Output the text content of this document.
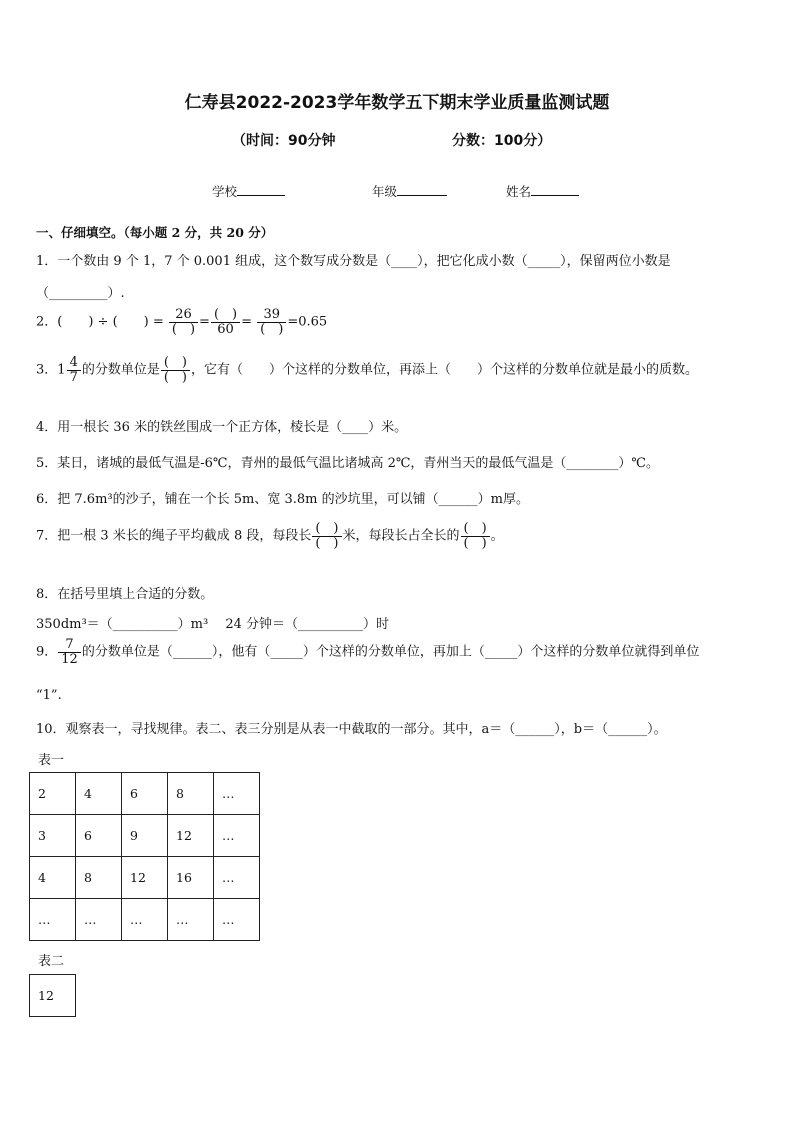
仁寿县2022-2023学年数学五下期末学业质量监测试题
（时间：90分钟	分数：100分）
学校	年级	姓名
一、仔细填空。（每小题 2 分，共 20 分）
1．一个数由 9 个 1，7 个 0.001 组成，这个数写成分数是（____），把它化成小数（_____），保留两位小数是
（_________）.
2．(　　) ÷ (　　) = $\frac{26}{( )} = \frac{( )}{60} = \frac{39}{( )} =0.65$
3．$1 \frac{4}{7}$ 的分数单位是 $\frac{( )}{( )}$ ，它有（　　）个这样的分数单位，再添上（　　）个这样的分数单位就是最小的质数。
4．用一根长 36 米的铁丝围成一个正方体，棱长是（____）米。
5．某日，诸城的最低气温是-6℃，青州的最低气温比诸城高 2℃，青州当天的最低气温是（________）℃。
6．把 7.6m³的沙子，铺在一个长 5m、宽 3.8m 的沙坑里，可以铺（______）m厚。
7．把一根 3 米长的绳子平均截成 8 段，每段长 $\frac{( )}{( )}$ 米，每段长占全长的 $\frac{( )}{( )}$ 。
8．在括号里填上合适的分数。
350dm³＝（__________）m³　 24 分钟＝（__________）时
9． $\frac{7}{12}$ 的分数单位是（______），他有（_____）个这样的分数单位，再加上（_____）个这样的分数单位就得到单位
“1”.
10．观察表一，寻找规律。表二、表三分别是从表一中截取的一部分。其中，a＝（______），b＝（______）。
表一
2	4	6	8	…
3	6	9	12	…
4	8	12	16	…
…	…	…	…	…
表二
12
